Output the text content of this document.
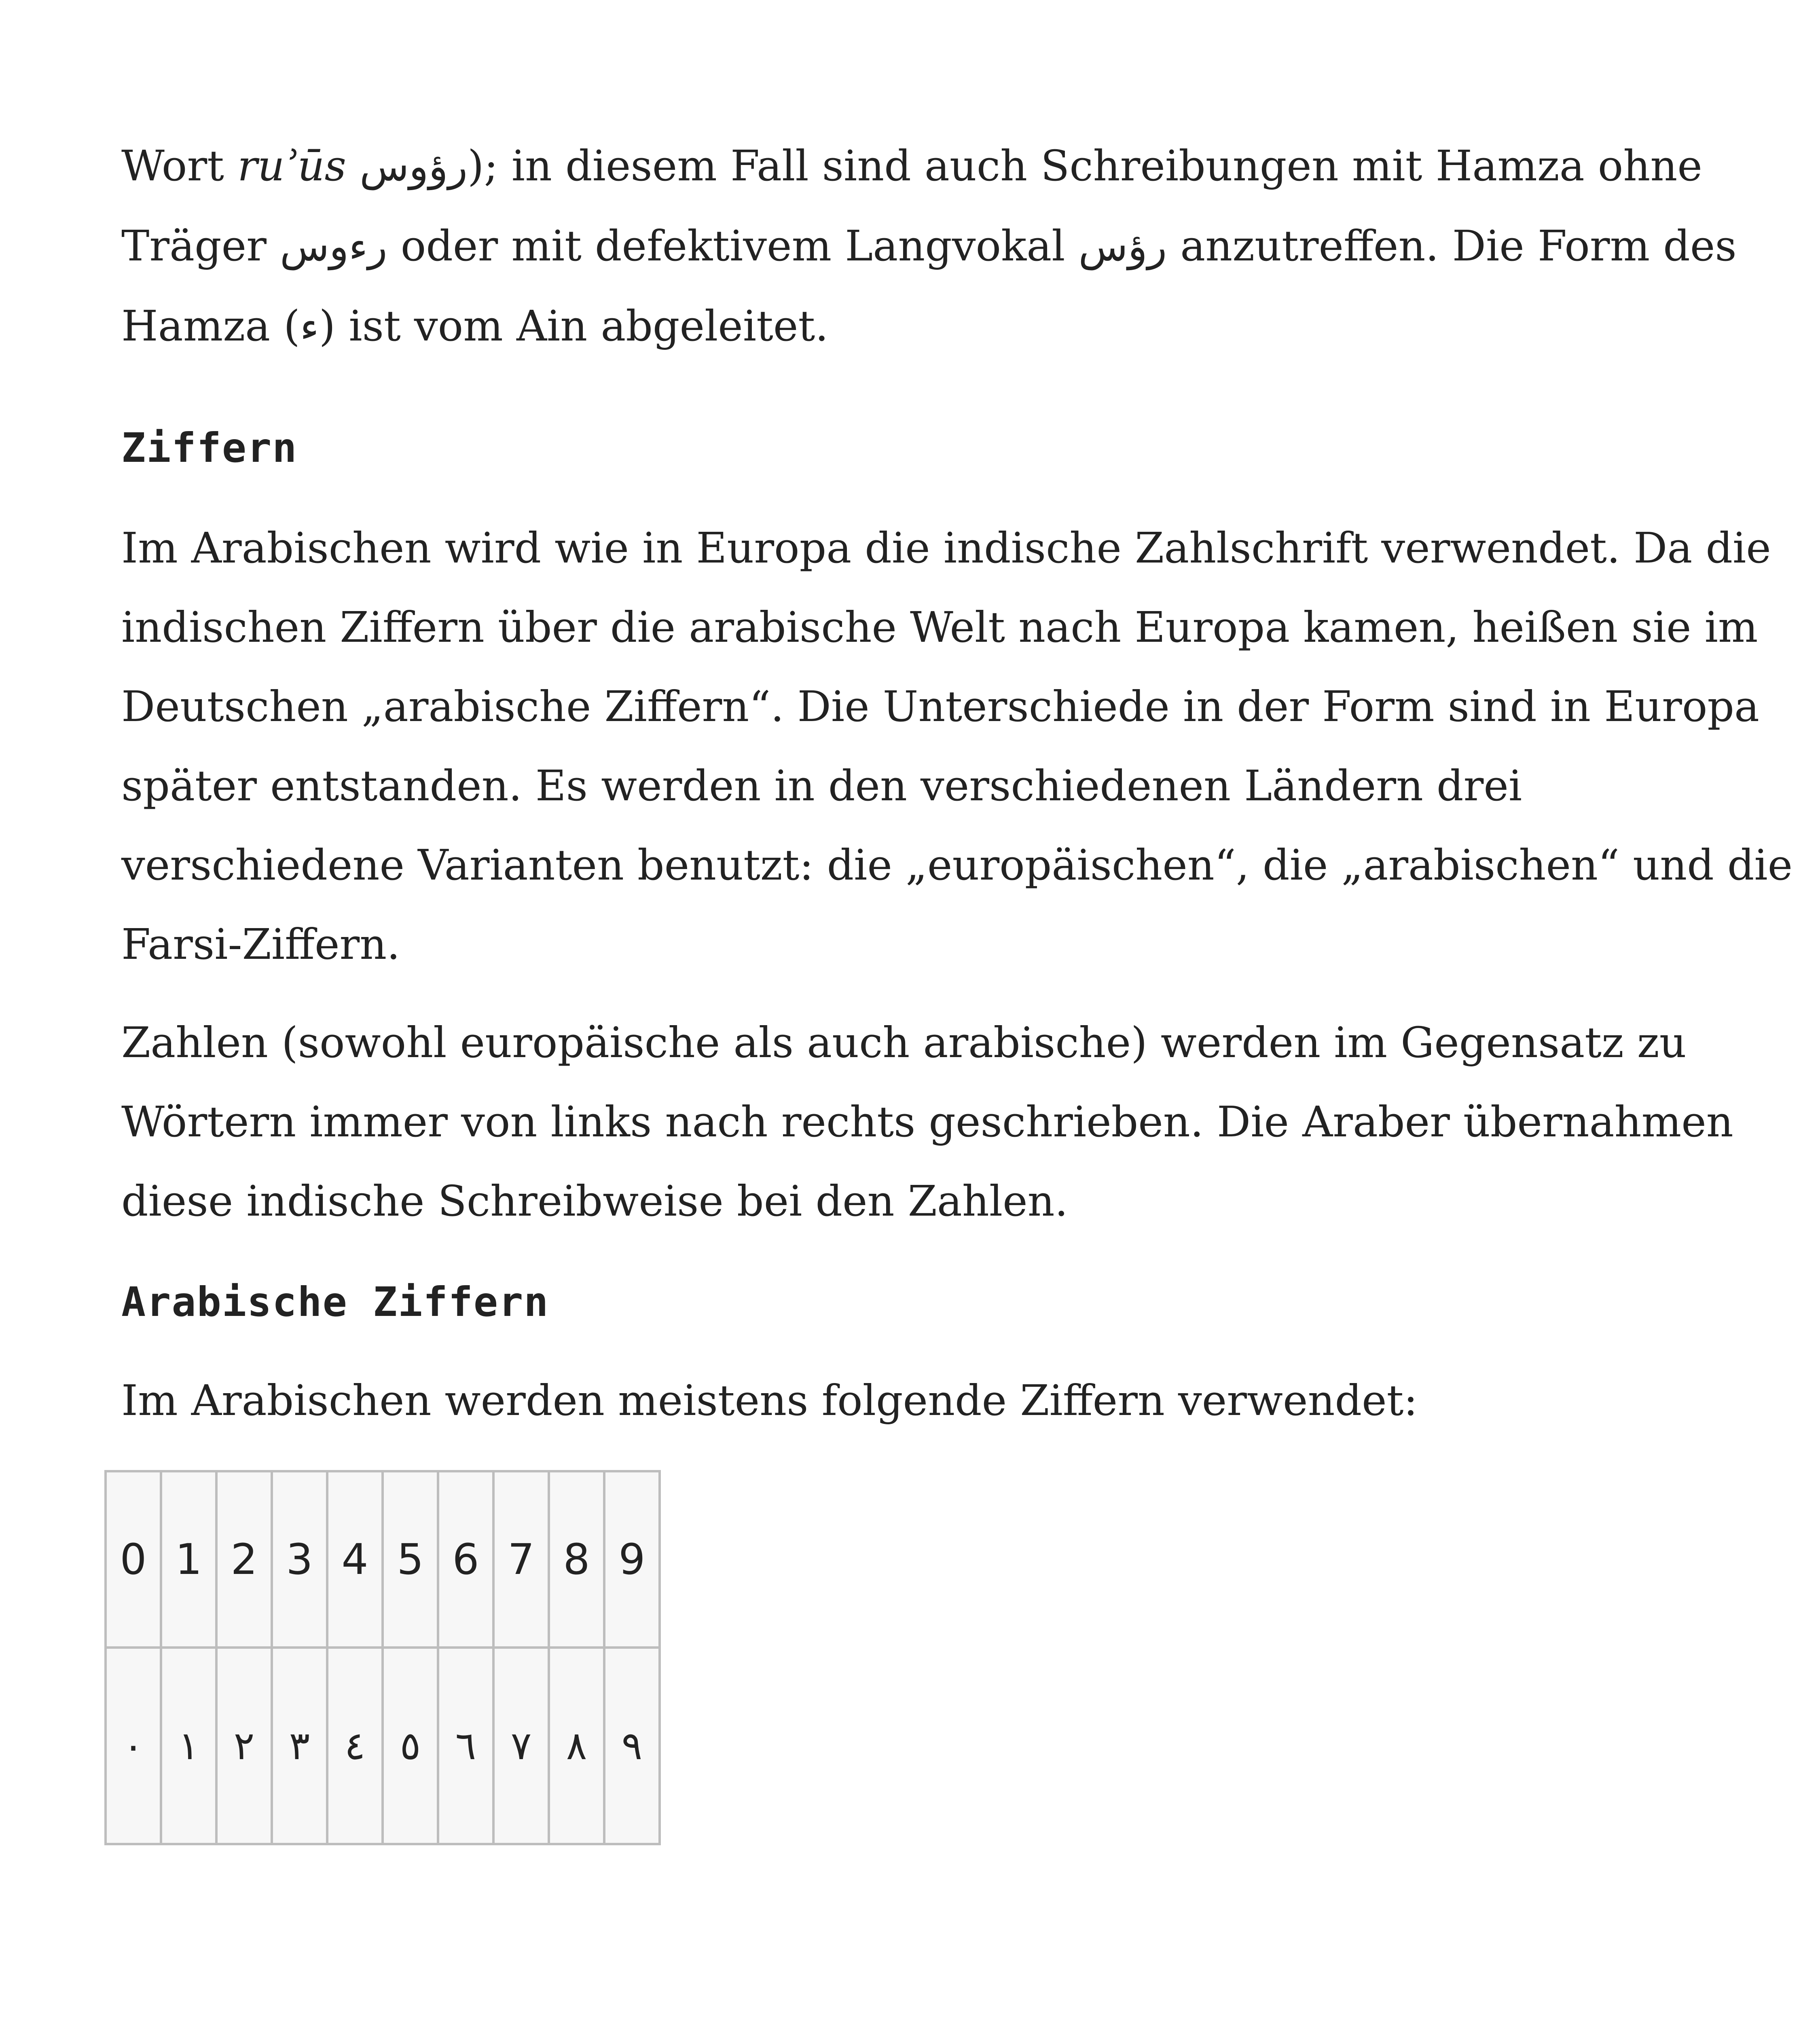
Wort ruʾūs رؤوس); in diesem Fall sind auch Schreibungen mit Hamza ohne
Träger رءوس oder mit defektivem Langvokal رؤس anzutreffen. Die Form des
Hamza (ء) ist vom Ain abgeleitet.

Ziffern

Im Arabischen wird wie in Europa die indische Zahlschrift verwendet. Da die
indischen Ziffern über die arabische Welt nach Europa kamen, heißen sie im
Deutschen „arabische Ziffern“. Die Unterschiede in der Form sind in Europa
später entstanden. Es werden in den verschiedenen Ländern drei
verschiedene Varianten benutzt: die „europäischen“, die „arabischen“ und die
Farsi-Ziffern.

Zahlen (sowohl europäische als auch arabische) werden im Gegensatz zu
Wörtern immer von links nach rechts geschrieben. Die Araber übernahmen
diese indische Schreibweise bei den Zahlen.

Arabische Ziffern

Im Arabischen werden meistens folgende Ziffern verwendet:

0	1	2	3	4	5	6	7	8	9
٠	١	٢	٣	٤	٥	٦	٧	٨	٩
